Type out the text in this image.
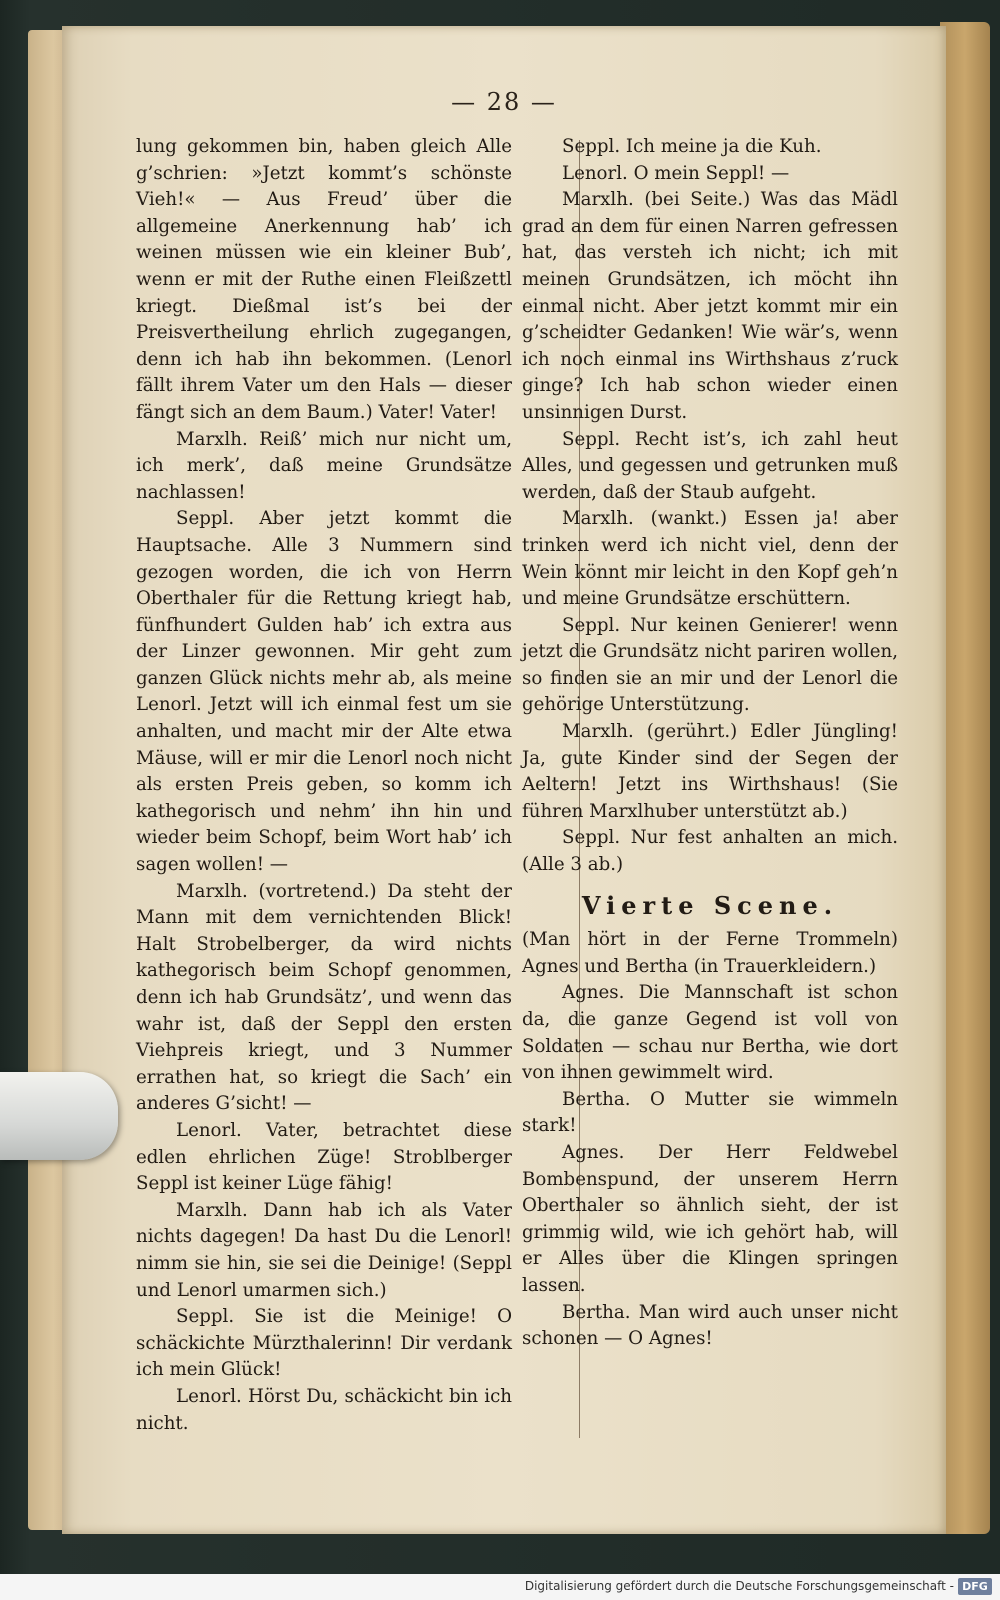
— 28 —

lung gekommen bin, haben gleich Alle g’schrien: »Jetzt kommt’s schönste Vieh!« — Aus Freud’ über die allgemeine Anerkennung hab’ ich weinen müssen wie ein kleiner Bub’, wenn er mit der Ruthe einen Fleißzettl kriegt. Dießmal ist’s bei der Preisvertheilung ehrlich zugegangen, denn ich hab ihn bekommen. (Lenorl fällt ihrem Vater um den Hals — dieser fängt sich an dem Baum.) Vater! Vater!

Marxlh. Reiß’ mich nur nicht um, ich merk’, daß meine Grundsätze nachlassen!

Seppl. Aber jetzt kommt die Hauptsache. Alle 3 Nummern sind gezogen worden, die ich von Herrn Oberthaler für die Rettung kriegt hab, fünfhundert Gulden hab’ ich extra aus der Linzer gewonnen. Mir geht zum ganzen Glück nichts mehr ab, als meine Lenorl. Jetzt will ich einmal fest um sie anhalten, und macht mir der Alte etwa Mäuse, will er mir die Lenorl noch nicht als ersten Preis geben, so komm ich kathegorisch und nehm’ ihn hin und wieder beim Schopf, beim Wort hab’ ich sagen wollen! —

Marxlh. (vortretend.) Da steht der Mann mit dem vernichtenden Blick! Halt Strobelberger, da wird nichts kathegorisch beim Schopf genommen, denn ich hab Grundsätz’, und wenn das wahr ist, daß der Seppl den ersten Viehpreis kriegt, und 3 Nummer errathen hat, so kriegt die Sach’ ein anderes G’sicht! —

Lenorl. Vater, betrachtet diese edlen ehrlichen Züge! Stroblberger Seppl ist keiner Lüge fähig!

Marxlh. Dann hab ich als Vater nichts dagegen! Da hast Du die Lenorl! nimm sie hin, sie sei die Deinige! (Seppl und Lenorl umarmen sich.)

Seppl. Sie ist die Meinige! O schäckichte Mürzthalerinn! Dir verdank ich mein Glück!

Lenorl. Hörst Du, schäckicht bin ich nicht.

Seppl. Ich meine ja die Kuh.

Lenorl. O mein Seppl! —

Marxlh. (bei Seite.) Was das Mädl grad an dem für einen Narren gefressen hat, das versteh ich nicht; ich mit meinen Grundsätzen, ich möcht ihn einmal nicht. Aber jetzt kommt mir ein g’scheidter Gedanken! Wie wär’s, wenn ich noch einmal ins Wirthshaus z’ruck ginge? Ich hab schon wieder einen unsinnigen Durst.

Seppl. Recht ist’s, ich zahl heut Alles, und gegessen und getrunken muß werden, daß der Staub aufgeht.

Marxlh. (wankt.) Essen ja! aber trinken werd ich nicht viel, denn der Wein könnt mir leicht in den Kopf geh’n und meine Grundsätze erschüttern.

Seppl. Nur keinen Genierer! wenn jetzt die Grundsätz nicht pariren wollen, so finden sie an mir und der Lenorl die gehörige Unterstützung.

Marxlh. (gerührt.) Edler Jüngling! Ja, gute Kinder sind der Segen der Aeltern! Jetzt ins Wirthshaus! (Sie führen Marxlhuber unterstützt ab.)

Seppl. Nur fest anhalten an mich. (Alle 3 ab.)

Vierte Scene.

(Man hört in der Ferne Trommeln) Agnes und Bertha (in Trauerkleidern.)

Agnes. Die Mannschaft ist schon da, die ganze Gegend ist voll von Soldaten — schau nur Bertha, wie dort von ihnen gewimmelt wird.

Bertha. O Mutter sie wimmeln stark!

Agnes. Der Herr Feldwebel Bombenspund, der unserem Herrn Oberthaler so ähnlich sieht, der ist grimmig wild, wie ich gehört hab, will er Alles über die Klingen springen lassen.

Bertha. Man wird auch unser nicht schonen — O Agnes!

Digitalisierung gefördert durch die Deutsche Forschungsgemeinschaft - DFG
